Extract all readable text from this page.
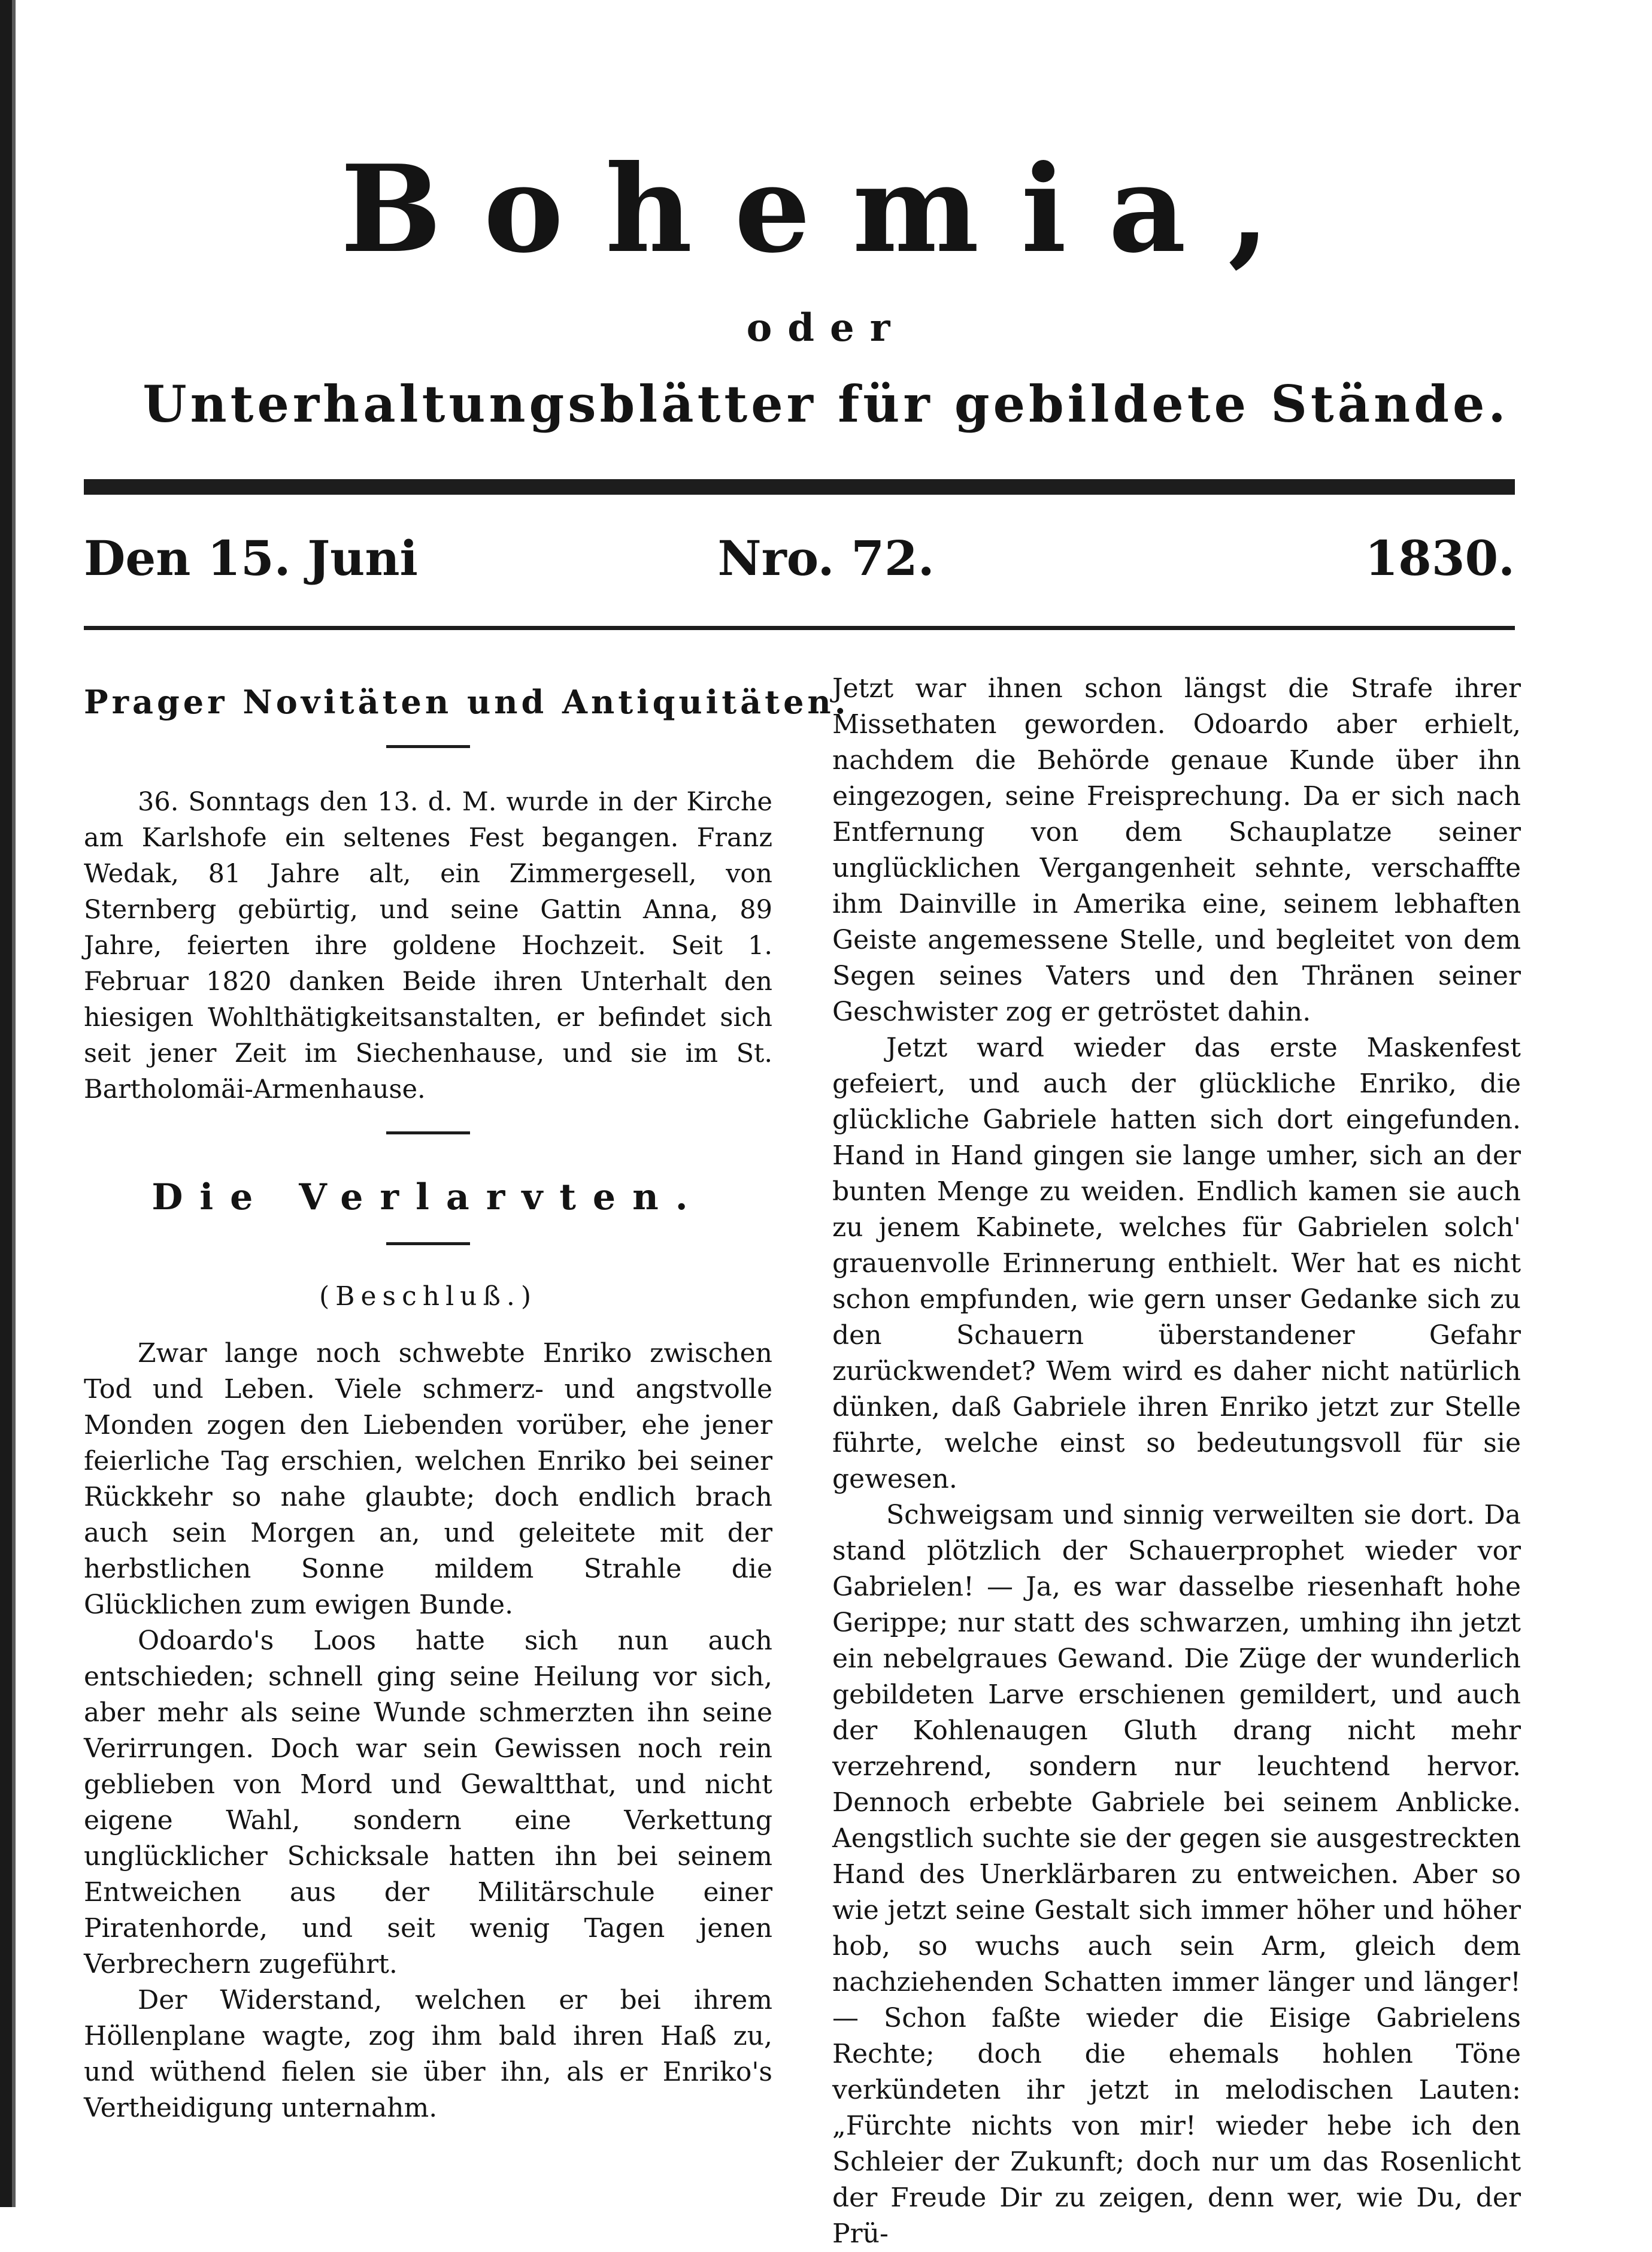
Bohemia,
oder
Unterhaltungsblätter für gebildete Stände.
Den 15. Juni	Nro. 72.	1830.
Prager Novitäten und Antiquitäten.

36. Sonntags den 13. d. M. wurde in der Kirche am Karlshofe ein seltenes Fest begangen. Franz Wedak, 81 Jahre alt, ein Zimmergesell, von Sternberg gebürtig, und seine Gattin Anna, 89 Jahre, feierten ihre goldene Hochzeit. Seit 1. Februar 1820 danken Beide ihren Unterhalt den hiesigen Wohlthätigkeitsanstalten, er befindet sich seit jener Zeit im Siechenhause, und sie im St. Bartholomäi-Armenhause.

Die Verlarvten.
(Beschluß.)

Zwar lange noch schwebte Enriko zwischen Tod und Leben. Viele schmerz- und angstvolle Monden zogen den Liebenden vorüber, ehe jener feierliche Tag erschien, welchen Enriko bei seiner Rückkehr so nahe glaubte; doch endlich brach auch sein Morgen an, und geleitete mit der herbstlichen Sonne mildem Strahle die Glücklichen zum ewigen Bunde.

Odoardo's Loos hatte sich nun auch entschieden; schnell ging seine Heilung vor sich, aber mehr als seine Wunde schmerzten ihn seine Verirrungen. Doch war sein Gewissen noch rein geblieben von Mord und Gewaltthat, und nicht eigene Wahl, sondern eine Verkettung unglücklicher Schicksale hatten ihn bei seinem Entweichen aus der Militärschule einer Piratenhorde, und seit wenig Tagen jenen Verbrechern zugeführt.

Der Widerstand, welchen er bei ihrem Höllenplane wagte, zog ihm bald ihren Haß zu, und wüthend fielen sie über ihn, als er Enriko's Vertheidigung unternahm.

Jetzt war ihnen schon längst die Strafe ihrer Missethaten geworden. Odoardo aber erhielt, nachdem die Behörde genaue Kunde über ihn eingezogen, seine Freisprechung. Da er sich nach Entfernung von dem Schauplatze seiner unglücklichen Vergangenheit sehnte, verschaffte ihm Dainville in Amerika eine, seinem lebhaften Geiste angemessene Stelle, und begleitet von dem Segen seines Vaters und den Thränen seiner Geschwister zog er getröstet dahin.

Jetzt ward wieder das erste Maskenfest gefeiert, und auch der glückliche Enriko, die glückliche Gabriele hatten sich dort eingefunden. Hand in Hand gingen sie lange umher, sich an der bunten Menge zu weiden. Endlich kamen sie auch zu jenem Kabinete, welches für Gabrielen solch' grauenvolle Erinnerung enthielt. Wer hat es nicht schon empfunden, wie gern unser Gedanke sich zu den Schauern überstandener Gefahr zurückwendet? Wem wird es daher nicht natürlich dünken, daß Gabriele ihren Enriko jetzt zur Stelle führte, welche einst so bedeutungsvoll für sie gewesen.

Schweigsam und sinnig verweilten sie dort. Da stand plötzlich der Schauerprophet wieder vor Gabrielen! — Ja, es war dasselbe riesenhaft hohe Gerippe; nur statt des schwarzen, umhing ihn jetzt ein nebelgraues Gewand. Die Züge der wunderlich gebildeten Larve erschienen gemildert, und auch der Kohlenaugen Gluth drang nicht mehr verzehrend, sondern nur leuchtend hervor. Dennoch erbebte Gabriele bei seinem Anblicke. Aengstlich suchte sie der gegen sie ausgestreckten Hand des Unerklärbaren zu entweichen. Aber so wie jetzt seine Gestalt sich immer höher und höher hob, so wuchs auch sein Arm, gleich dem nachziehenden Schatten immer länger und länger! — Schon faßte wieder die Eisige Gabrielens Rechte; doch die ehemals hohlen Töne verkündeten ihr jetzt in melodischen Lauten: „Fürchte nichts von mir! wieder hebe ich den Schleier der Zukunft; doch nur um das Rosenlicht der Freude Dir zu zeigen, denn wer, wie Du, der Prü-
